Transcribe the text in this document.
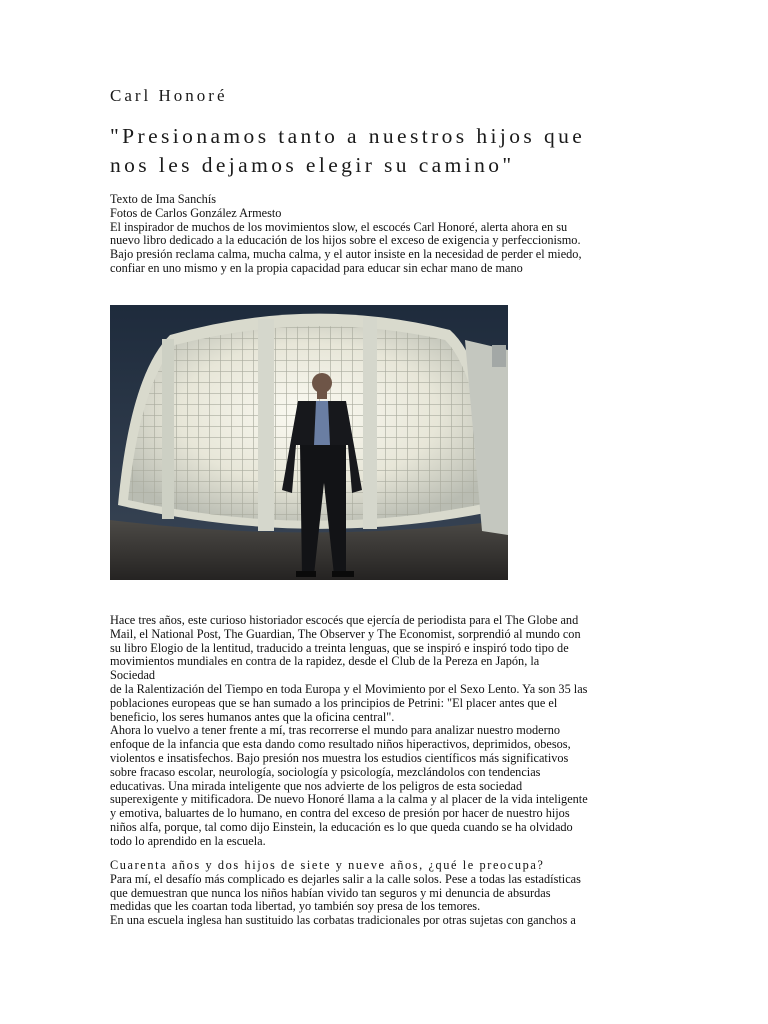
Carl Honoré
"Presionamos tanto a nuestros hijos que
nos les dejamos elegir su camino"
Texto de Ima Sanchís
Fotos de Carlos González Armesto
El inspirador de muchos de los movimientos slow, el escocés Carl Honoré, alerta ahora en su
nuevo libro dedicado a la educación de los hijos sobre el exceso de exigencia y perfeccionismo.
Bajo presión reclama calma, mucha calma, y el autor insiste en la necesidad de perder el miedo,
confiar en uno mismo y en la propia capacidad para educar sin echar mano de mano
Hace tres años, este curioso historiador escocés que ejercía de periodista para el The Globe and
Mail, el National Post, The Guardian, The Observer y The Economist, sorprendió al mundo con
su libro Elogio de la lentitud, traducido a treinta lenguas, que se inspiró e inspiró todo tipo de
movimientos mundiales en contra de la rapidez, desde el Club de la Pereza en Japón, la
Sociedad
de la Ralentización del Tiempo en toda Europa y el Movimiento por el Sexo Lento. Ya son 35 las
poblaciones europeas que se han sumado a los principios de Petrini: "El placer antes que el
beneficio, los seres humanos antes que la oficina central".
Ahora lo vuelvo a tener frente a mí, tras recorrerse el mundo para analizar nuestro moderno
enfoque de la infancia que esta dando como resultado niños hiperactivos, deprimidos, obesos,
violentos e insatisfechos. Bajo presión nos muestra los estudios científicos más significativos
sobre fracaso escolar, neurología, sociología y psicología, mezclándolos con tendencias
educativas. Una mirada inteligente que nos advierte de los peligros de esta sociedad
superexigente y mitificadora. De nuevo Honoré llama a la calma y al placer de la vida inteligente
y emotiva, baluartes de lo humano, en contra del exceso de presión por hacer de nuestro hijos
niños alfa, porque, tal como dijo Einstein, la educación es lo que queda cuando se ha olvidado
todo lo aprendido en la escuela.
Cuarenta años y dos hijos de siete y nueve años, ¿qué le preocupa?
Para mí, el desafío más complicado es dejarles salir a la calle solos. Pese a todas las estadísticas
que demuestran que nunca los niños habían vivido tan seguros y mi denuncia de absurdas
medidas que les coartan toda libertad, yo también soy presa de los temores.
En una escuela inglesa han sustituido las corbatas tradicionales por otras sujetas con ganchos a
